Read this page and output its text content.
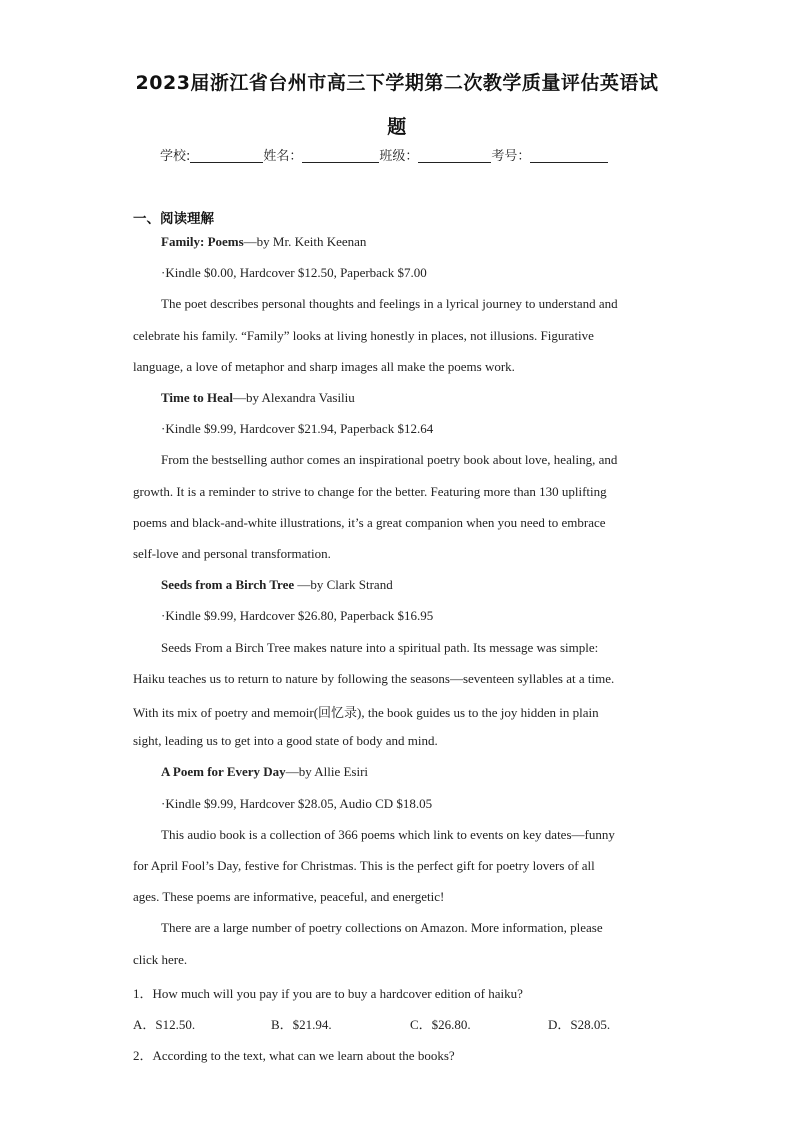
2023届浙江省台州市高三下学期第二次教学质量评估英语试
题
学校:	姓名：	班级：	考号：
一、阅读理解
Family: Poems—by Mr. Keith Keenan
·Kindle $0.00, Hardcover $12.50, Paperback $7.00
The poet describes personal thoughts and feelings in a lyrical journey to understand and
celebrate his family. “Family” looks at living honestly in places, not illusions. Figurative
language, a love of metaphor and sharp images all make the poems work.
Time to Heal—by Alexandra Vasiliu
·Kindle $9.99, Hardcover $21.94, Paperback $12.64
From the bestselling author comes an inspirational poetry book about love, healing, and
growth. It is a reminder to strive to change for the better. Featuring more than 130 uplifting
poems and black-and-white illustrations, it’s a great companion when you need to embrace
self-love and personal transformation.
Seeds from a Birch Tree —by Clark Strand
·Kindle $9.99, Hardcover $26.80, Paperback $16.95
Seeds From a Birch Tree makes nature into a spiritual path. Its message was simple:
Haiku teaches us to return to nature by following the seasons—seventeen syllables at a time.
With its mix of poetry and memoir(回忆录), the book guides us to the joy hidden in plain
sight, leading us to get into a good state of body and mind.
A Poem for Every Day—by Allie Esiri
·Kindle $9.99, Hardcover $28.05, Audio CD $18.05
This audio book is a collection of 366 poems which link to events on key dates—funny
for April Fool’s Day, festive for Christmas. This is the perfect gift for poetry lovers of all
ages. These poems are informative, peaceful, and energetic!
There are a large number of poetry collections on Amazon. More information, please
click here.
1．How much will you pay if you are to buy a hardcover edition of haiku?
A．S12.50.	B．$21.94.	C．$26.80.	D．S28.05.
2．According to the text, what can we learn about the books?
